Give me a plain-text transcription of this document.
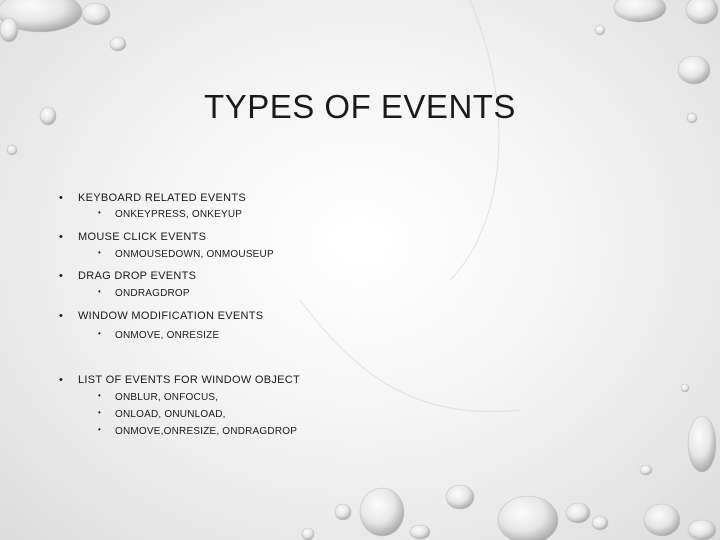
TYPES OF EVENTS
• KEYBOARD RELATED EVENTS
• ONKEYPRESS, ONKEYUP
• MOUSE CLICK EVENTS
• ONMOUSEDOWN, ONMOUSEUP
• DRAG DROP EVENTS
• ONDRAGDROP
• WINDOW MODIFICATION EVENTS
• ONMOVE, ONRESIZE
• LIST OF EVENTS FOR WINDOW OBJECT
• ONBLUR, ONFOCUS,
• ONLOAD, ONUNLOAD,
• ONMOVE,ONRESIZE, ONDRAGDROP
